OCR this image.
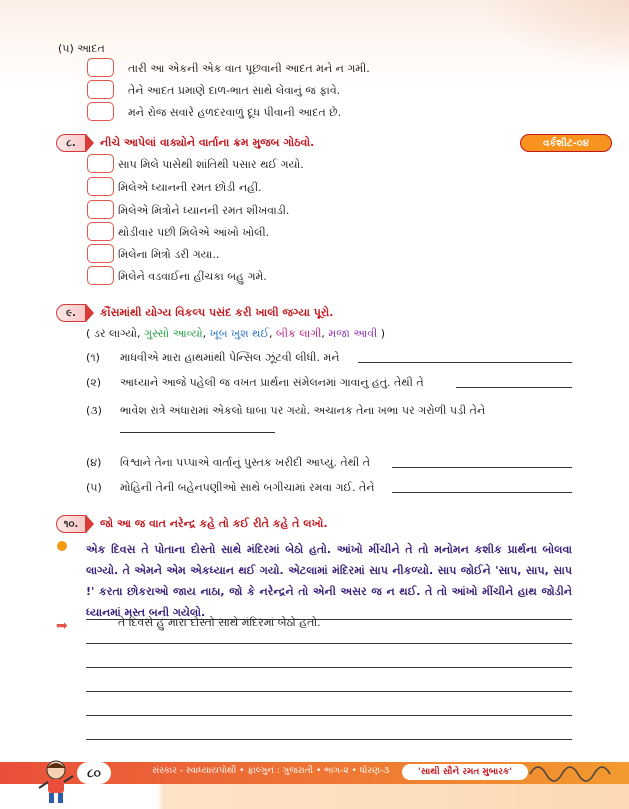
(૫) આદત
તારી આ એકની એક વાત પૂછવાની આદત મને ન ગમી.
તેને આદત પ્રમાણે દાળ-ભાત સાથે લેવાનું જ ફાવે.
મને રોજ સવારે હળદરવાળું દૂધ પીવાની આદત છે.
૮.	નીચે આપેલાં વાક્યોને વાર્તાના ક્રમ મુજબ ગોઠવો.	વર્કશીટ-૦૪
સાપ મિલે પાસેથી શાંતિથી પસાર થઈ ગયો.
મિલેએ ધ્યાનની રમત છોડી નહીં.
મિલેએ મિત્રોને ધ્યાનની રમત શીખવાડી.
થોડીવાર પછી મિલેએ આંખો ખોલી.
મિલેના મિત્રો ડરી ગયા..
મિલેને વડવાઈના હીંચકા બહુ ગમે.
૯.	કૌંસમાંથી યોગ્ય વિકલ્પ પસંદ કરી ખાલી જગ્યા પૂરો.
( ડર લાગ્યો, ગુસ્સો આવ્યો, ખૂબ ખુશ થઈ, બીક લાગી, મજા આવી )
(૧) માધવીએ મારા હાથમાંથી પેન્સિલ ઝૂંટવી લીધી. મને
(૨) આધ્યાને આજે પહેલી જ વખત પ્રાર્થના સંમેલનમાં ગાવાનું હતું. તેથી તે
(૩) ભાવેશ રાત્રે અંધારામાં એકલો ધાબા પર ગયો. અચાનક તેના ખભા પર ગરોળી પડી તેને
(૪) વિશ્વાને તેના પપ્પાએ વાર્તાનું પુસ્તક ખરીદી આપ્યું. તેથી તે
(૫) મોહિની તેની બહેનપણીઓ સાથે બગીચામાં રમવા ગઈ. તેને
૧૦.	જો આ જ વાત નરેન્દ્ર કહે તો કઈ રીતે કહે તે લખો.
એક દિવસ તે પોતાના દોસ્તો સાથે મંદિરમાં બેઠો હતો. આંખો મીંચીને તે તો મનોમન કશીક પ્રાર્થના બોલવા લાગ્યો. તે એમને એમ એકધ્યાન થઈ ગયો. એટલામાં મંદિરમાં સાપ નીકળ્યો. સાપ જોઈને 'સાપ, સાપ, સાપ !' કરતા છોકરાઓ જાય નાઠા, જો કે નરેન્દ્રને તો એની અસર જ ન થઈ. તે તો આંખો મીંચીને હાથ જોડીને ધ્યાનમાં મસ્ત બની ગયેલો.
➡	તે દિવસે હું મારા દોસ્તો સાથે મંદિરમાં બેઠો હતો.
૮૦	સંસ્કાર - સ્વાધ્યાયપોથી • ફાલ્ગુન : ગુજરાતી • ભાગ-૨ • ધોરણ-૩	'સાથી સૌને રમત મુબારક'
